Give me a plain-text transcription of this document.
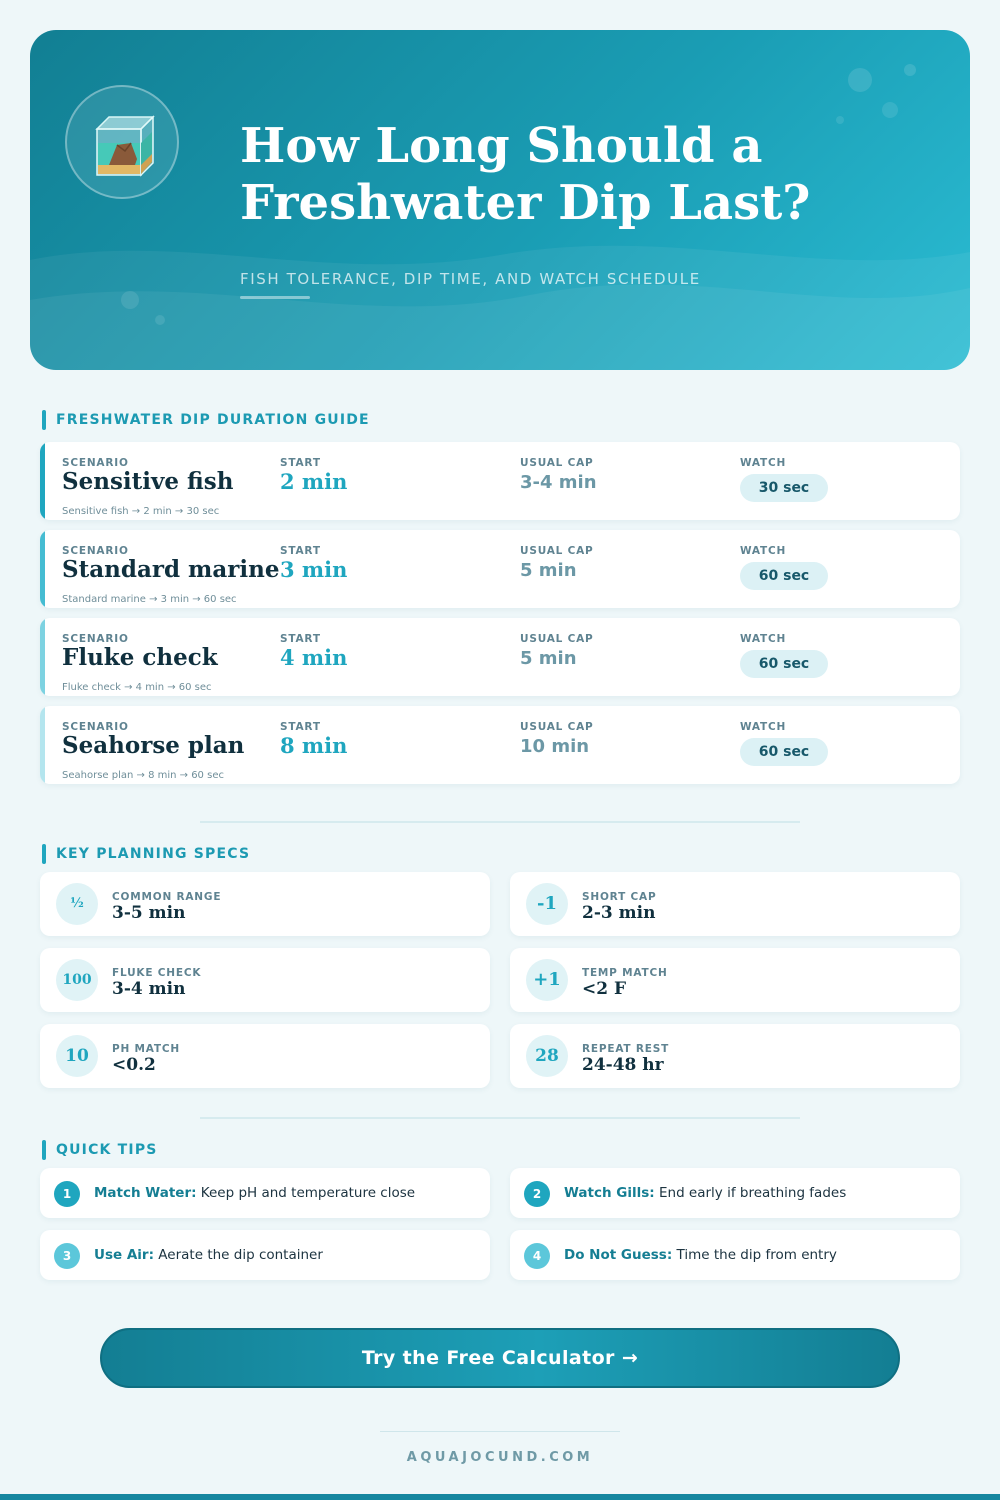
How Long Should a
Freshwater Dip Last?
FISH TOLERANCE, DIP TIME, AND WATCH SCHEDULE
FRESHWATER DIP DURATION GUIDE
SCENARIO	START	USUAL CAP	WATCH
Sensitive fish 2 min	3-4 min	30 sec
Sensitive fish → 2 min → 30 sec
SCENARIO	START	USUAL CAP	WATCH
Standard marine 3 min	5 min	60 sec
Standard marine → 3 min → 60 sec
SCENARIO	START	USUAL CAP	WATCH
Fluke check	4 min	5 min	60 sec
Fluke check → 4 min → 60 sec
SCENARIO	START	USUAL CAP	WATCH
Seahorse plan 8 min	10 min	60 sec
Seahorse plan → 8 min → 60 sec
KEY PLANNING SPECS
½	COMMON RANGE
3-5 min	-1	SHORT CAP
2-3 min
100	FLUKE CHECK
3-4 min	+1	TEMP MATCH
<2 F
10	PH MATCH
<0.2	28	REPEAT REST
24-48 hr
QUICK TIPS
1	Match Water: Keep pH and temperature close	2	Watch Gills: End early if breathing fades
3	Use Air: Aerate the dip container	4	Do Not Guess: Time the dip from entry
Try the Free Calculator →
AQUAJOCUND.COM
